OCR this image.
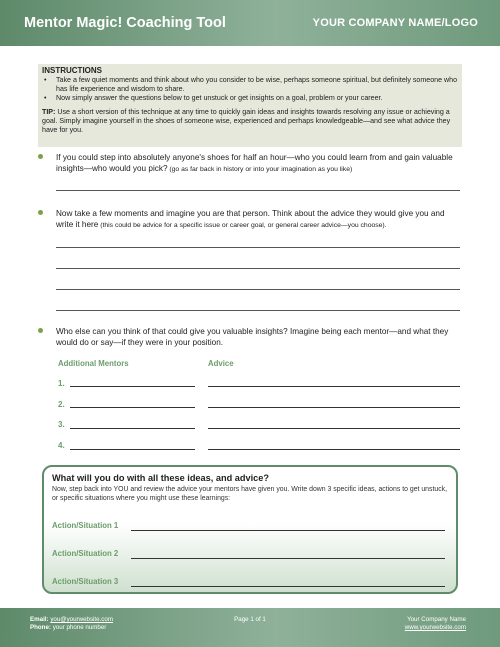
Mentor Magic! Coaching Tool	YOUR COMPANY NAME/LOGO
INSTRUCTIONS
• Take a few quiet moments and think about who you consider to be wise, perhaps someone spiritual, but definitely someone who has life experience and wisdom to share.
• Now simply answer the questions below to get unstuck or get insights on a goal, problem or your career.
TIP: Use a short version of this technique at any time to quickly gain ideas and insights towards resolving any issue or achieving a goal. Simply imagine yourself in the shoes of someone wise, experienced and perhaps knowledgeable—and see what advice they have for you.
If you could step into absolutely anyone's shoes for half an hour—who you could learn from and gain valuable insights—who would you pick? (go as far back in history or into your imagination as you like)
Now take a few moments and imagine you are that person. Think about the advice they would give you and write it here (this could be advice for a specific issue or career goal, or general career advice—you choose).
Who else can you think of that could give you valuable insights? Imagine being each mentor—and what they would do or say—if they were in your position.
Additional Mentors	Advice
1.
2.
3.
4.
What will you do with all these ideas, and advice?
Now, step back into YOU and review the advice your mentors have given you. Write down 3 specific ideas, actions to get unstuck, or specific situations where you might use these learnings:
Action/Situation 1
Action/Situation 2
Action/Situation 3
Email: you@yourwebsite.com
Phone: your phone number
Page 1 of 1	Your Company Name
www.yourwebsite.com
